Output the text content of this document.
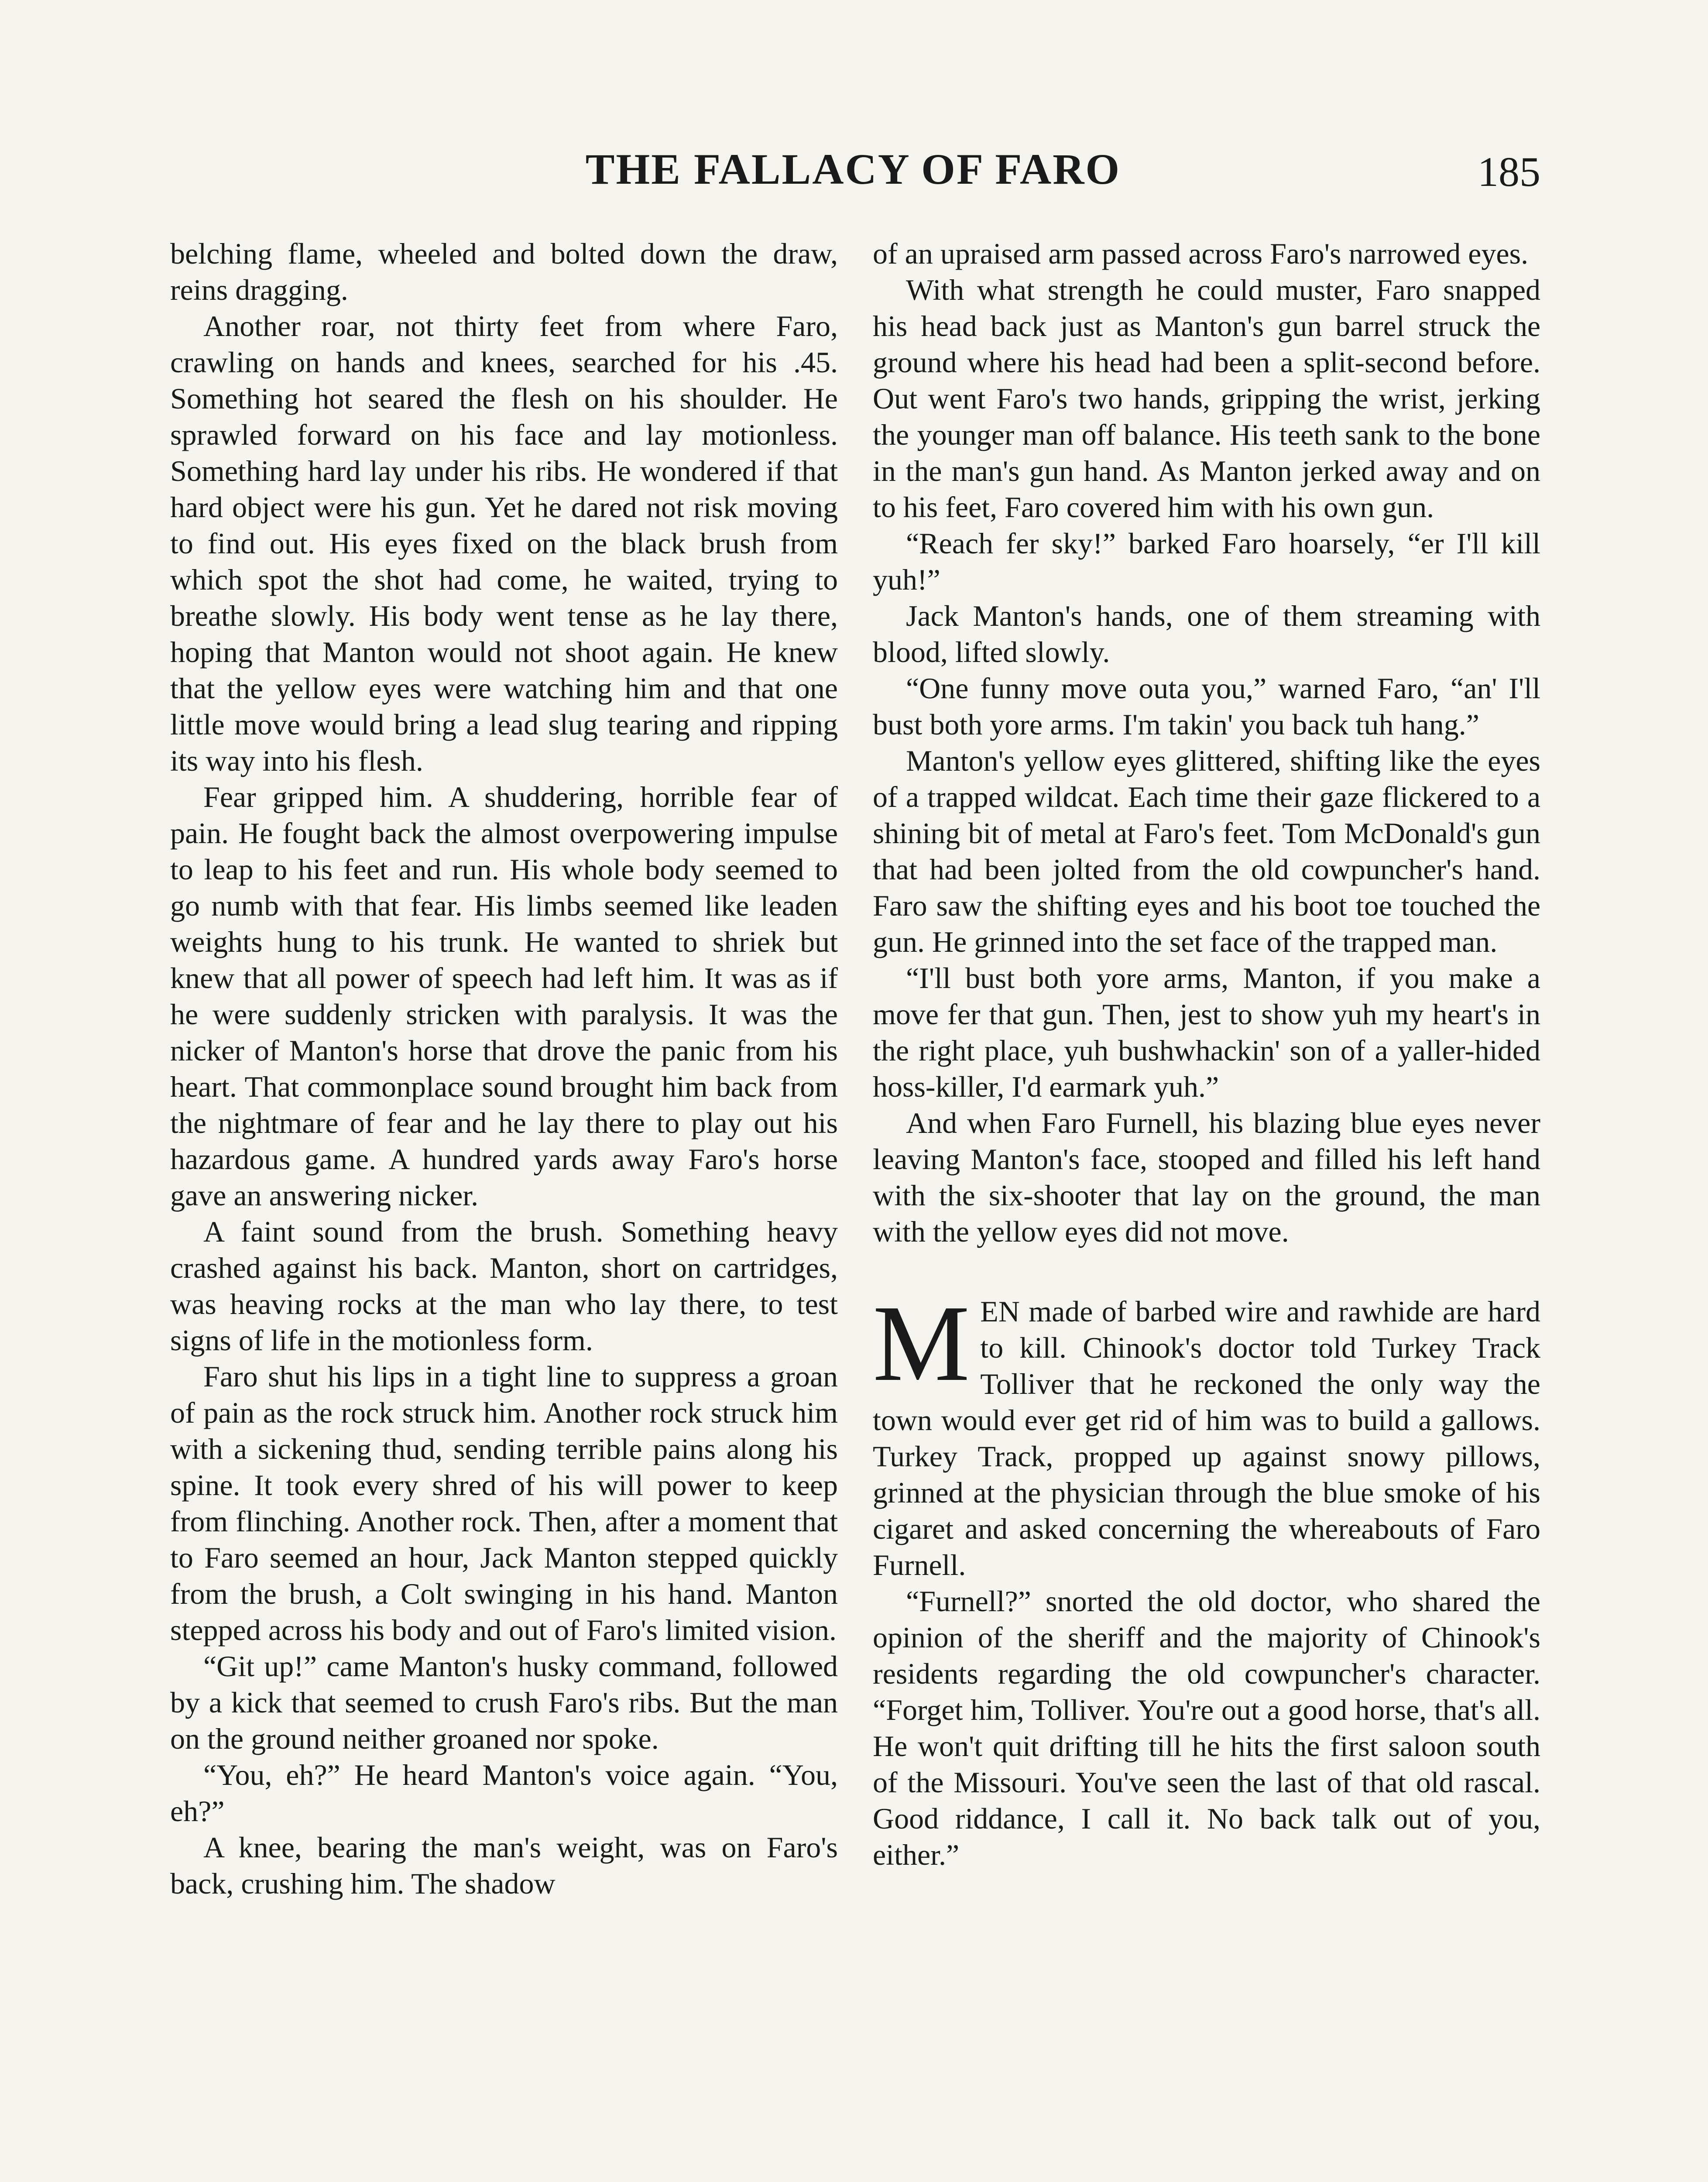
THE FALLACY OF FARO	185

belching flame, wheeled and bolted down the draw, reins dragging.

Another roar, not thirty feet from where Faro, crawling on hands and knees, searched for his .45. Something hot seared the flesh on his shoulder. He sprawled forward on his face and lay motionless. Something hard lay under his ribs. He wondered if that hard object were his gun. Yet he dared not risk moving to find out. His eyes fixed on the black brush from which spot the shot had come, he waited, trying to breathe slowly. His body went tense as he lay there, hoping that Manton would not shoot again. He knew that the yellow eyes were watching him and that one little move would bring a lead slug tearing and ripping its way into his flesh.

Fear gripped him. A shuddering, horrible fear of pain. He fought back the almost overpowering impulse to leap to his feet and run. His whole body seemed to go numb with that fear. His limbs seemed like leaden weights hung to his trunk. He wanted to shriek but knew that all power of speech had left him. It was as if he were suddenly stricken with paralysis. It was the nicker of Manton's horse that drove the panic from his heart. That commonplace sound brought him back from the nightmare of fear and he lay there to play out his hazardous game. A hundred yards away Faro's horse gave an answering nicker.

A faint sound from the brush. Something heavy crashed against his back. Manton, short on cartridges, was heaving rocks at the man who lay there, to test signs of life in the motionless form.

Faro shut his lips in a tight line to suppress a groan of pain as the rock struck him. Another rock struck him with a sickening thud, sending terrible pains along his spine. It took every shred of his will power to keep from flinching. Another rock. Then, after a moment that to Faro seemed an hour, Jack Manton stepped quickly from the brush, a Colt swinging in his hand. Manton stepped across his body and out of Faro's limited vision.

“Git up!” came Manton's husky command, followed by a kick that seemed to crush Faro's ribs. But the man on the ground neither groaned nor spoke.

“You, eh?” He heard Manton's voice again. “You, eh?”

A knee, bearing the man's weight, was on Faro's back, crushing him. The shadow

of an upraised arm passed across Faro's narrowed eyes.

With what strength he could muster, Faro snapped his head back just as Manton's gun barrel struck the ground where his head had been a split-second before. Out went Faro's two hands, gripping the wrist, jerking the younger man off balance. His teeth sank to the bone in the man's gun hand. As Manton jerked away and on to his feet, Faro covered him with his own gun.

“Reach fer sky!” barked Faro hoarsely, “er I'll kill yuh!”

Jack Manton's hands, one of them streaming with blood, lifted slowly.

“One funny move outa you,” warned Faro, “an' I'll bust both yore arms. I'm takin' you back tuh hang.”

Manton's yellow eyes glittered, shifting like the eyes of a trapped wildcat. Each time their gaze flickered to a shining bit of metal at Faro's feet. Tom McDonald's gun that had been jolted from the old cowpuncher's hand. Faro saw the shifting eyes and his boot toe touched the gun. He grinned into the set face of the trapped man.

“I'll bust both yore arms, Manton, if you make a move fer that gun. Then, jest to show yuh my heart's in the right place, yuh bushwhackin' son of a yaller-hided hoss-killer, I'd earmark yuh.”

And when Faro Furnell, his blazing blue eyes never leaving Manton's face, stooped and filled his left hand with the six-shooter that lay on the ground, the man with the yellow eyes did not move.

MEN made of barbed wire and rawhide are hard to kill. Chinook's doctor told Turkey Track Tolliver that he reckoned the only way the town would ever get rid of him was to build a gallows. Turkey Track, propped up against snowy pillows, grinned at the physician through the blue smoke of his cigaret and asked concerning the whereabouts of Faro Furnell.

“Furnell?” snorted the old doctor, who shared the opinion of the sheriff and the majority of Chinook's residents regarding the old cowpuncher's character. “Forget him, Tolliver. You're out a good horse, that's all. He won't quit drifting till he hits the first saloon south of the Missouri. You've seen the last of that old rascal. Good riddance, I call it. No back talk out of you, either.”
